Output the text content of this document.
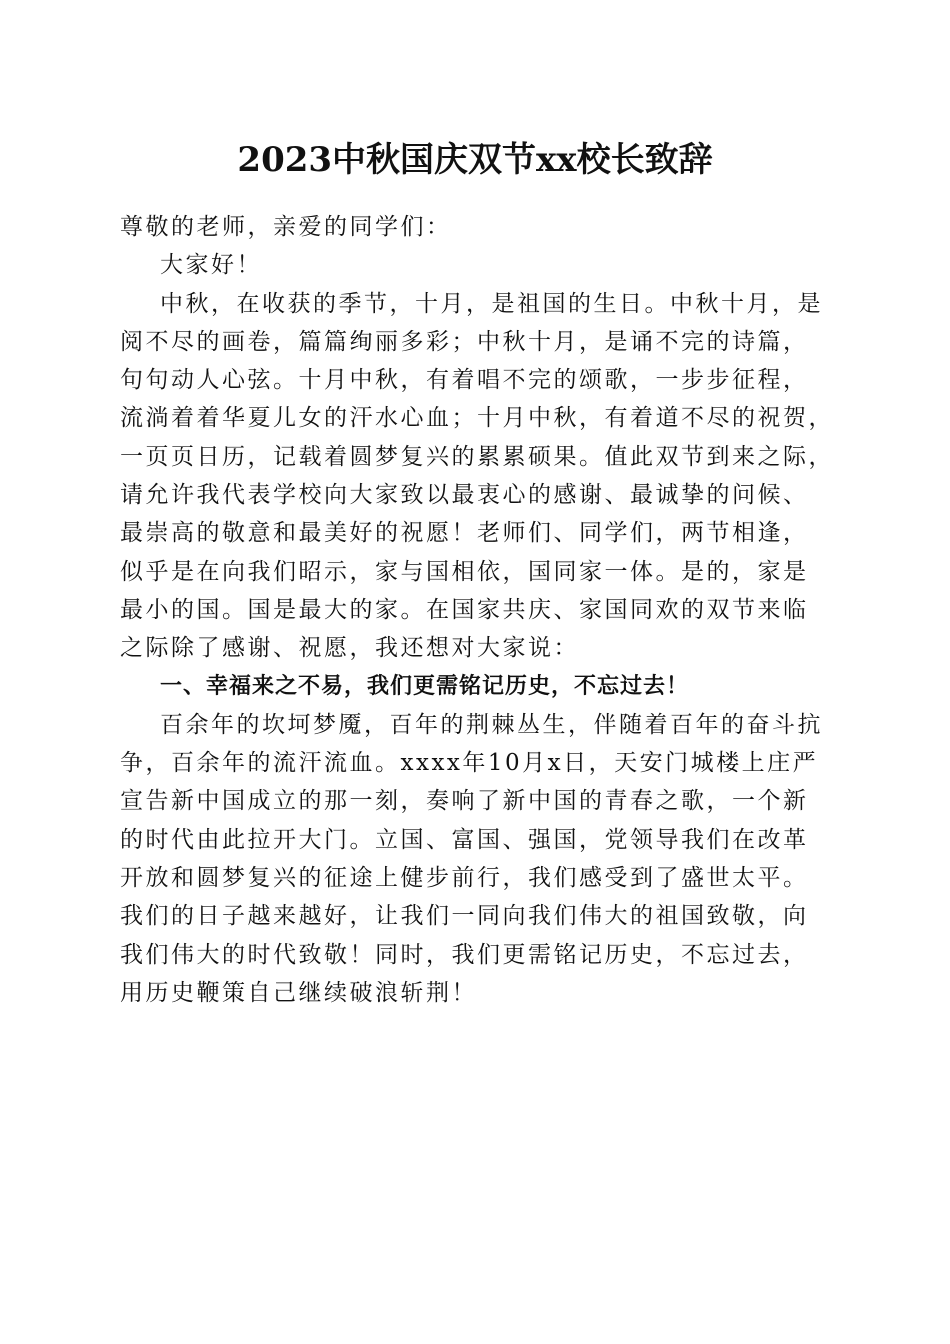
2023中秋国庆双节xx校长致辞
尊敬的老师，亲爱的同学们：
大家好！
中秋，在收获的季节，十月，是祖国的生日。中秋十月，是
阅不尽的画卷，篇篇绚丽多彩；中秋十月，是诵不完的诗篇，
句句动人心弦。十月中秋，有着唱不完的颂歌，一步步征程，
流淌着着华夏儿女的汗水心血；十月中秋，有着道不尽的祝贺，
一页页日历，记载着圆梦复兴的累累硕果。值此双节到来之际，
请允许我代表学校向大家致以最衷心的感谢、最诚挚的问候、
最崇高的敬意和最美好的祝愿！老师们、同学们，两节相逢，
似乎是在向我们昭示，家与国相依，国同家一体。是的，家是
最小的国。国是最大的家。在国家共庆、家国同欢的双节来临
之际除了感谢、祝愿，我还想对大家说：
一、幸福来之不易，我们更需铭记历史，不忘过去！
百余年的坎坷梦魇，百年的荆棘丛生，伴随着百年的奋斗抗
争，百余年的流汗流血。xxxx年10月x日，天安门城楼上庄严
宣告新中国成立的那一刻，奏响了新中国的青春之歌，一个新
的时代由此拉开大门。立国、富国、强国，党领导我们在改革
开放和圆梦复兴的征途上健步前行，我们感受到了盛世太平。
我们的日子越来越好，让我们一同向我们伟大的祖国致敬，向
我们伟大的时代致敬！同时，我们更需铭记历史，不忘过去，
用历史鞭策自己继续破浪斩荆！
